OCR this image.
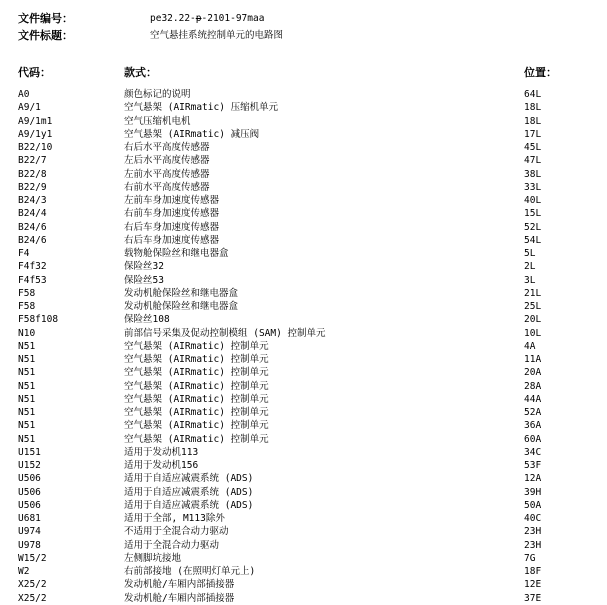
文件编号：	pe32.22-p-2101-97maa
文件标题：	空气悬挂系统控制单元的电路图
代码：	款式：	位置：
A0	颜色标记的说明	64L
A9/1	空气悬架 (AIRmatic) 压缩机单元	18L
A9/1m1	空气压缩机电机	18L
A9/1y1	空气悬架 (AIRmatic) 减压阀	17L
B22/10	右后水平高度传感器	45L
B22/7	左后水平高度传感器	47L
B22/8	左前水平高度传感器	38L
B22/9	右前水平高度传感器	33L
B24/3	左前车身加速度传感器	40L
B24/4	右前车身加速度传感器	15L
B24/6	右后车身加速度传感器	52L
B24/6	右后车身加速度传感器	54L
F4	载物舱保险丝和继电器盒	5L
F4f32	保险丝32	2L
F4f53	保险丝53	3L
F58	发动机舱保险丝和继电器盒	21L
F58	发动机舱保险丝和继电器盒	25L
F58f108	保险丝108	20L
N10	前部信号采集及促动控制模组 (SAM) 控制单元	10L
N51	空气悬架 (AIRmatic) 控制单元	4A
N51	空气悬架 (AIRmatic) 控制单元	11A
N51	空气悬架 (AIRmatic) 控制单元	20A
N51	空气悬架 (AIRmatic) 控制单元	28A
N51	空气悬架 (AIRmatic) 控制单元	44A
N51	空气悬架 (AIRmatic) 控制单元	52A
N51	空气悬架 (AIRmatic) 控制单元	36A
N51	空气悬架 (AIRmatic) 控制单元	60A
U151	适用于发动机113	34C
U152	适用于发动机156	53F
U506	适用于自适应减震系统 (ADS)	12A
U506	适用于自适应减震系统 (ADS)	39H
U506	适用于自适应减震系统 (ADS)	50A
U681	适用于全部, M113除外	40C
U974	不适用于全混合动力驱动	23H
U978	适用于全混合动力驱动	23H
W15/2	左侧脚坑接地	7G
W2	右前部接地 (在照明灯单元上)	18F
X25/2	发动机舱/车厢内部插接器	12E
X25/2	发动机舱/车厢内部插接器	37E
